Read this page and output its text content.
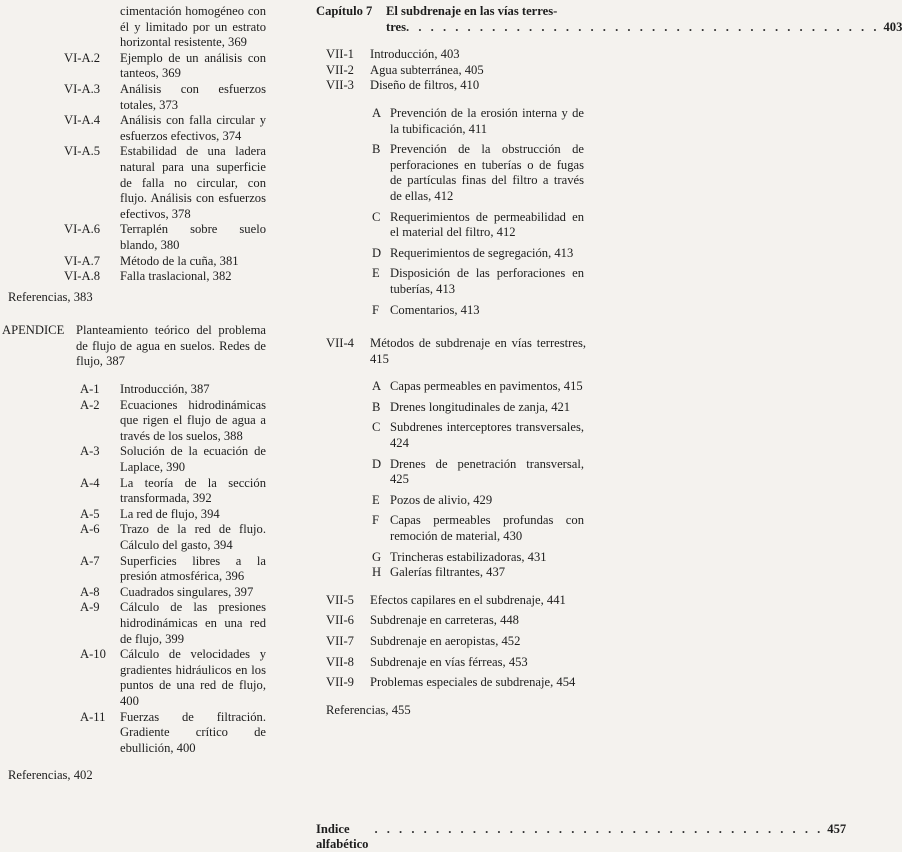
cimentación homogéneo con él y limitado por un estrato horizontal resistente, 369
VI-A.2 Ejemplo de un análisis con tanteos, 369
VI-A.3 Análisis con esfuerzos totales, 373
VI-A.4 Análisis con falla circular y esfuerzos efectivos, 374
VI-A.5 Estabilidad de una ladera natural para una superficie de falla no circular, con flujo. Análisis con esfuerzos efectivos, 378
VI-A.6 Terraplén sobre suelo blando, 380
VI-A.7 Método de la cuña, 381
VI-A.8 Falla traslacional, 382
Referencias, 383
APENDICE Planteamiento teórico del problema de flujo de agua en suelos. Redes de flujo, 387
A-1 Introducción, 387
A-2 Ecuaciones hidrodinámicas que rigen el flujo de agua a través de los suelos, 388
A-3 Solución de la ecuación de Laplace, 390
A-4 La teoría de la sección transformada, 392
A-5 La red de flujo, 394
A-6 Trazo de la red de flujo. Cálculo del gasto, 394
A-7 Superficies libres a la presión atmosférica, 396
A-8 Cuadrados singulares, 397
A-9 Cálculo de las presiones hidrodinámicas en una red de flujo, 399
A-10 Cálculo de velocidades y gradientes hidráulicos en los puntos de una red de flujo, 400
A-11 Fuerzas de filtración. Gradiente crítico de ebullición, 400
Referencias, 402
Capítulo 7	El subdrenaje en las vías terres-
tres . . . . . . . . . . . . . . . . . . . . . . . . . . . . . . . . . . . . . . . 403
VII-1 Introducción, 403
VII-2 Agua subterránea, 405
VII-3 Diseño de filtros, 410
A Prevención de la erosión interna y de la tubificación, 411
B Prevención de la obstrucción de perforaciones en tuberías o de fugas de partículas finas del filtro a través de ellas, 412
C Requerimientos de permeabilidad en el material del filtro, 412
D Requerimientos de segregación, 413
E Disposición de las perforaciones en tuberías, 413
F Comentarios, 413
VII-4 Métodos de subdrenaje en vías terrestres, 415
A Capas permeables en pavimentos, 415
B Drenes longitudinales de zanja, 421
C Subdrenes interceptores transversales, 424
D Drenes de penetración transversal, 425
E Pozos de alivio, 429
F Capas permeables profundas con remoción de material, 430
G Trincheras estabilizadoras, 431
H Galerías filtrantes, 437
VII-5 Efectos capilares en el subdrenaje, 441
VII-6 Subdrenaje en carreteras, 448
VII-7 Subdrenaje en aeropistas, 452
VII-8 Subdrenaje en vías férreas, 453
VII-9 Problemas especiales de subdrenaje, 454
Referencias, 455
Indice alfabético
. . . . . . . . . . . . . . . . . . . . . . . . . . . . . . . . . . . . . 457
